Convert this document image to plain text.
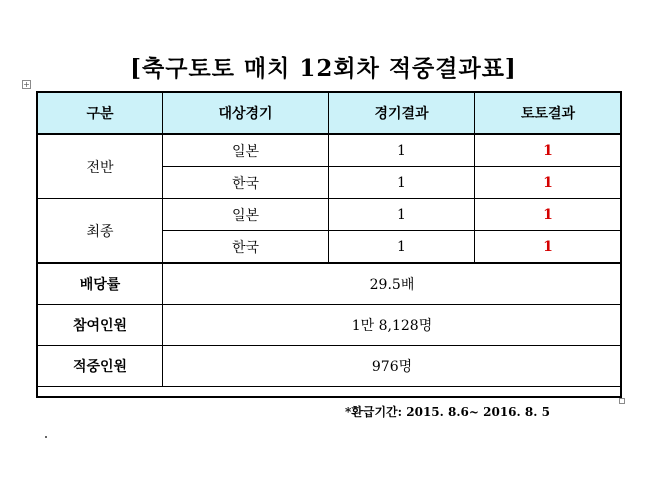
[축구토토 매치 12회차 적중결과표]
+
구분	대상경기	경기결과	토토결과
전반	일본	1	1
	한국	1	1
최종	일본	1	1
	한국	1	1
배당률	29.5배		
참여인원	1만 8,128명		
적중인원	976명		
*환급기간: 2015. 8.6~ 2016. 8. 5
